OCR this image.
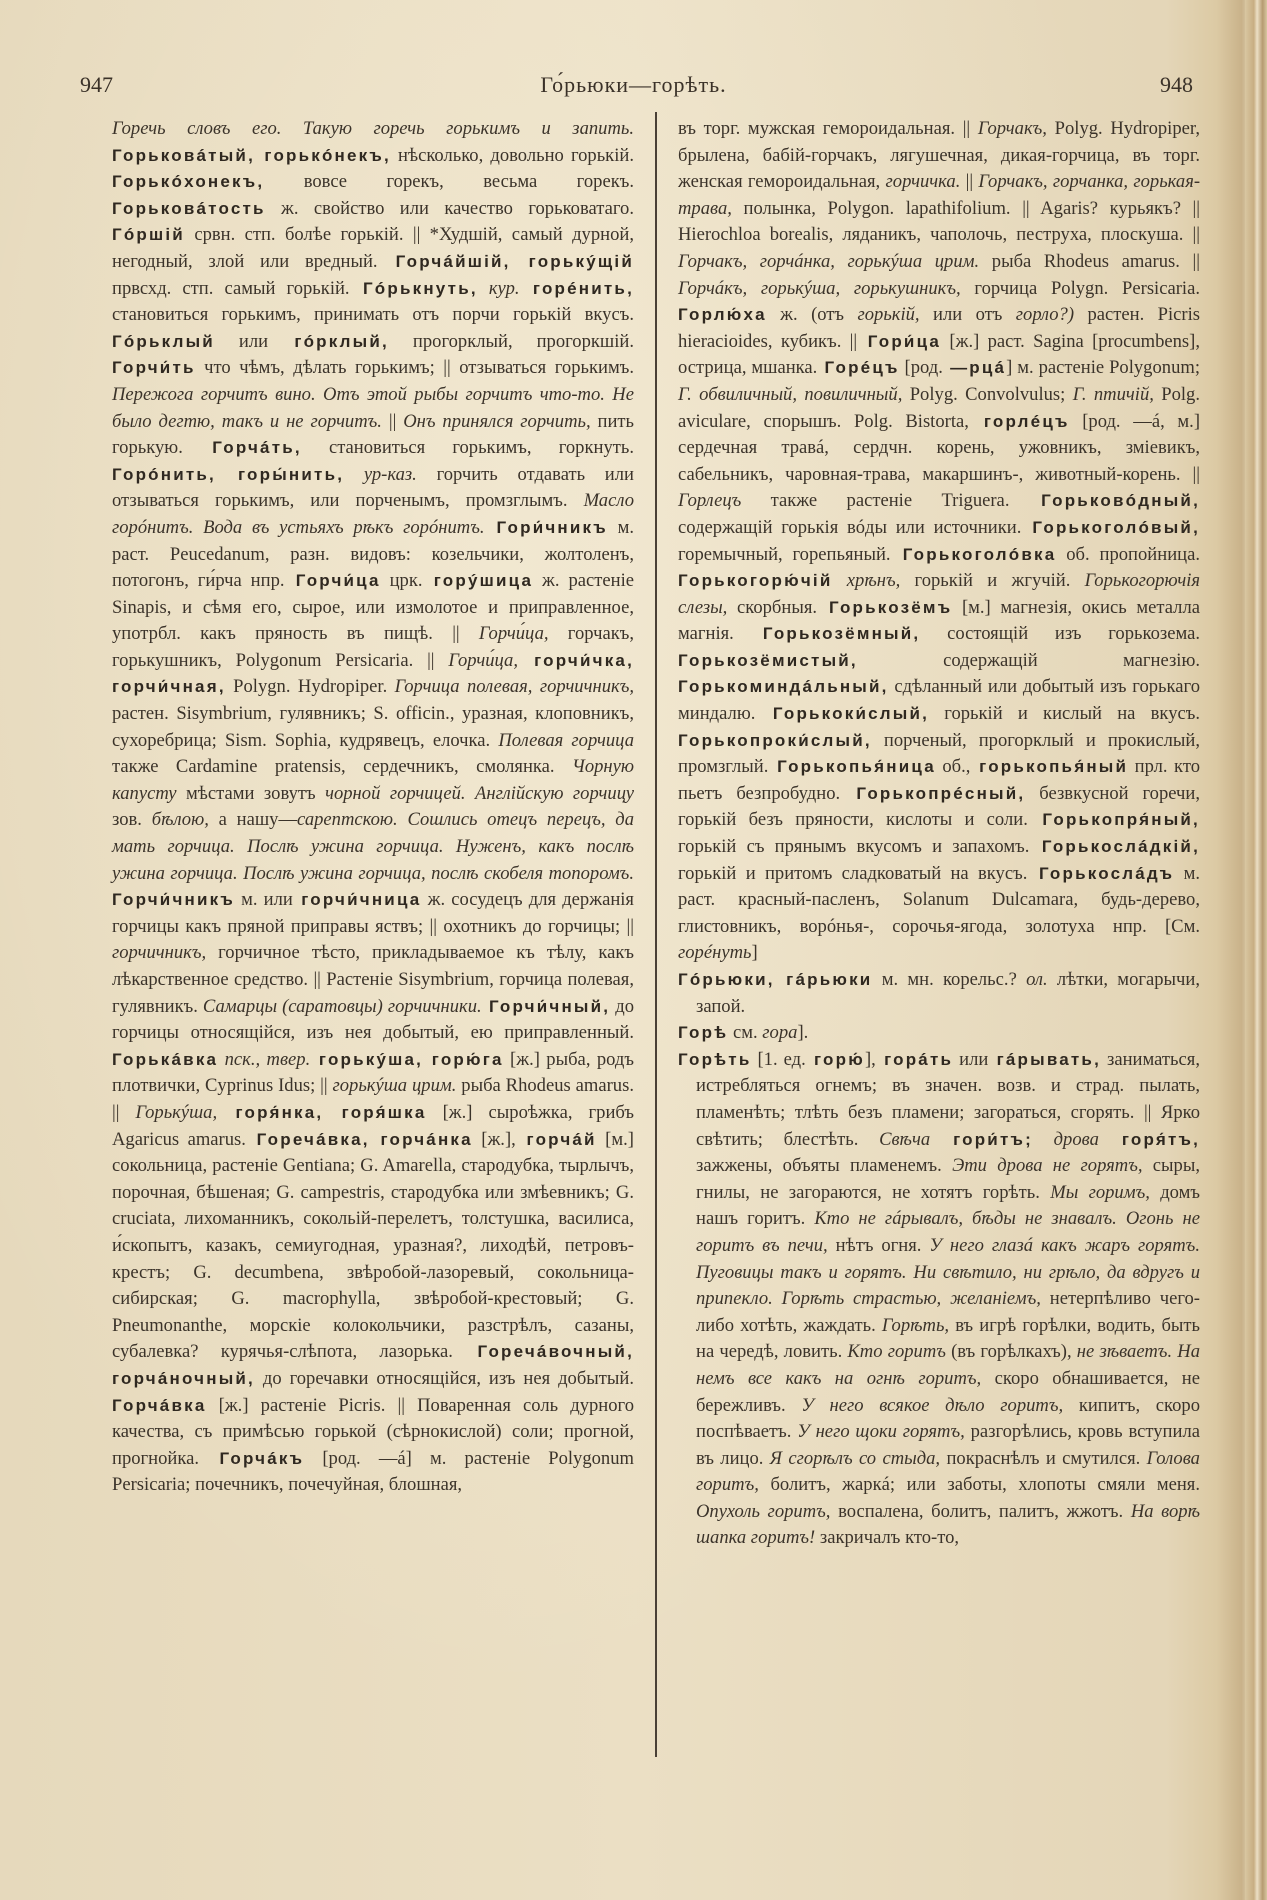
947	Го́рьюки—горѣть.	948

Горечь словъ его. Такую горечь горькимъ и запить. Горьковáтый, горькóнекъ, нѣсколько, довольно горькій. Горькóхонекъ, вовсе горекъ, весьма горекъ. Горьковáтость ж. свойство или качество горьковатаго. Гóршій срвн. стп. болѣе горькій. || *Худшій, самый дурной, негодный, злой или вредный. Горчáйшій, горькýщій првсхд. стп. самый горькій. Гóрькнуть, кур. горéнить, становиться горькимъ, принимать отъ порчи горькій вкусъ. Гóрьклый или гóрклый, прогорклый, прогоркшій. Горчи́ть что чѣмъ, дѣлать горькимъ; || отзываться горькимъ. Пережога горчитъ вино. Отъ этой рыбы горчитъ что-то. Не было дегтю, такъ и не горчитъ. || Онъ принялся горчить, пить горькую. Горчáть, становиться горькимъ, горкнуть. Горóнить, горы́нить, ур-каз. горчить отдавать или отзываться горькимъ, или порченымъ, промзглымъ. Масло горóнитъ. Вода въ устьяхъ рѣкъ горóнитъ. Гори́чникъ м. раст. Peucedanum, разн. видовъ: козельчики, жолтоленъ, потогонъ, ги́рча нпр. Горчи́ца црк. горýшица ж. растеніе Sinapis, и сѣмя его, сырое, или измолотое и приправленное, употрбл. какъ пряность въ пищѣ. || Горчи́ца, горчакъ, горькушникъ, Polygonum Persicaria. || Горчи́ца, горчи́чка, горчи́чная, Polygn. Hydropiper. Горчица полевая, горчичникъ, растен. Sisymbrium, гулявникъ; S. officin., уразная, клоповникъ, сухоребрица; Sism. Sophia, кудрявецъ, елочка. Полевая горчица также Cardamine pratensis, сердечникъ, смолянка. Чорную капусту мѣстами зовутъ чорной горчицей. Англійскую горчицу зов. бѣлою, а нашу—сарептскою. Сошлись отецъ перецъ, да мать горчица. Послѣ ужина горчица. Нуженъ, какъ послѣ ужина горчица. Послѣ ужина горчица, послѣ скобеля топоромъ. Горчи́чникъ м. или горчи́чница ж. сосудецъ для держанія горчицы какъ пряной приправы яствъ; || охотникъ до горчицы; || горчичникъ, горчичное тѣсто, прикладываемое къ тѣлу, какъ лѣкарственное средство. || Растеніе Sisymbrium, горчица полевая, гулявникъ. Самарцы (саратовцы) горчичники. Горчи́чный, до горчицы относящійся, изъ нея добытый, ею приправленный. Горькáвка пск., твер. горькýша, горю́га [ж.] рыба, родъ плотвички, Cyprinus Idus; || горькýша црим. рыба Rhodeus amarus. || Горькýша, горя́нка, горя́шка [ж.] сыроѣжка, грибъ Agaricus amarus. Горечáвка, горчáнка [ж.], горчáй [м.] сокольница, растеніе Gentiana; G. Amarella, стародубка, тырлычъ, порочная, бѣшеная; G. campestris, стародубка или змѣевникъ; G. cruciata, лихоманникъ, сокольій-перелетъ, толстушка, василиса, и́скопытъ, казакъ, семиугодная, уразная?, лиходѣй, петровъ-крестъ; G. decumbena, звѣробой-лазоревый, сокольница-сибирская; G. macrophylla, звѣробой-крестовый; G. Pneumonanthe, морскіе колокольчики, разстрѣлъ, сазаны, субалевка? курячья-слѣпота, лазорька. Горечáвочный, горчáночный, до горечавки относящійся, изъ нея добытый. Горчáвка [ж.] растеніе Picris. || Поваренная соль дурного качества, съ примѣсью горькой (сѣрнокислой) соли; прогной, прогнойка. Горчáкъ [род. —á] м. растеніе Polygonum Persicaria; почечникъ, почечуйная, блошная,

въ торг. мужская гемороидальная. || Горчакъ, Polyg. Hydropiper, брылена, бабій-горчакъ, лягушечная, дикая-горчица, въ торг. женская гемороидальная, горчичка. || Горчакъ, горчанка, горькая-трава, полынка, Polygon. lapathifolium. || Agaris? курьякъ? || Hierochloa borealis, ляданикъ, чаполочь, пеструха, плоскуша. || Горчакъ, горчáнка, горькýша црим. рыба Rhodeus amarus. || Горчáкъ, горькýша, горькушникъ, горчица Polygn. Persicaria. Горлю́ха ж. (отъ горькій, или отъ горло?) растен. Picris hieracioides, кубикъ. || Гори́ца [ж.] раст. Sagina [procumbens], острица, мшанка. Горéцъ [род. —рцá] м. растеніе Polygonum; Г. обвиличный, повиличный, Polyg. Convolvulus; Г. птичій, Polg. aviculare, спорышъ. Polg. Bistorta, горлéцъ [род. —á, м.] сердечная травá, сердчн. корень, ужовникъ, зміевикъ, сабельникъ, чаровная-трава, макаршинъ-, животный-корень. || Горлецъ также растеніе Triguera. Горьковóдный, содержащій горькія вóды или источники. Горькоголóвый, горемычный, горепьяный. Горькоголóвка об. пропойница. Горькогорю́чій хрѣнъ, горькій и жгучій. Горькогорючія слезы, скорбныя. Горькозёмъ [м.] магнезія, окись металла магнія. Горькозёмный, состоящій изъ горькозема. Горькозёмистый, содержащій магнезію. Горькоминдáльный, сдѣланный или добытый изъ горькаго миндалю. Горькоки́слый, горькій и кислый на вкусъ. Горькопроки́слый, порченый, прогорклый и прокислый, промзглый. Горькопья́ница об., горькопья́ный прл. кто пьетъ безпробудно. Горькопрéсный, безвкусной горечи, горькій безъ пряности, кислоты и соли. Горькопря́ный, горькій съ прянымъ вкусомъ и запахомъ. Горькослáдкій, горькій и притомъ сладковатый на вкусъ. Горькослáдъ м. раст. красный-пасленъ, Solanum Dulcamara, будь-дерево, глистовникъ, ворóнья-, сорочья-ягода, золотуха нпр. [См. горéнуть]

Гóрьюки, гáрьюки м. мн. корельс.? ол. лѣтки, могарычи, запой.

Горѣ см. гора].

Горѣть [1. ед. горю́], горáть или гáрывать, заниматься, истребляться огнемъ; въ значен. возв. и страд. пылать, пламенѣть; тлѣть безъ пламени; загораться, сгорять. || Ярко свѣтить; блестѣть. Свѣча гори́тъ; дрова горя́тъ, зажжены, объяты пламенемъ. Эти дрова не горятъ, сыры, гнилы, не загораются, не хотятъ горѣть. Мы горимъ, домъ нашъ горитъ. Кто не гáрывалъ, бѣды не знавалъ. Огонь не горитъ въ печи, нѣтъ огня. У него глазá какъ жаръ горятъ. Пуговицы такъ и горятъ. Ни свѣтило, ни грѣло, да вдругъ и припекло. Горѣть страстью, желаніемъ, нетерпѣливо чего-либо хотѣть, жаждать. Горѣть, въ игрѣ горѣлки, водить, быть на чередѣ, ловить. Кто горитъ (въ горѣлкахъ), не зѣваетъ. На немъ все какъ на огнѣ горитъ, скоро обнашивается, не бережливъ. У него всякое дѣло горитъ, кипитъ, скоро поспѣваетъ. У него щоки горятъ, разгорѣлись, кровь вступила въ лицо. Я сгорѣлъ со стыда, покраснѣлъ и смутился. Голова горитъ, болитъ, жаркá; или заботы, хлопоты смяли меня. Опухоль горитъ, воспалена, болитъ, палитъ, жжотъ. На ворѣ шапка горитъ! закричалъ кто-то,
